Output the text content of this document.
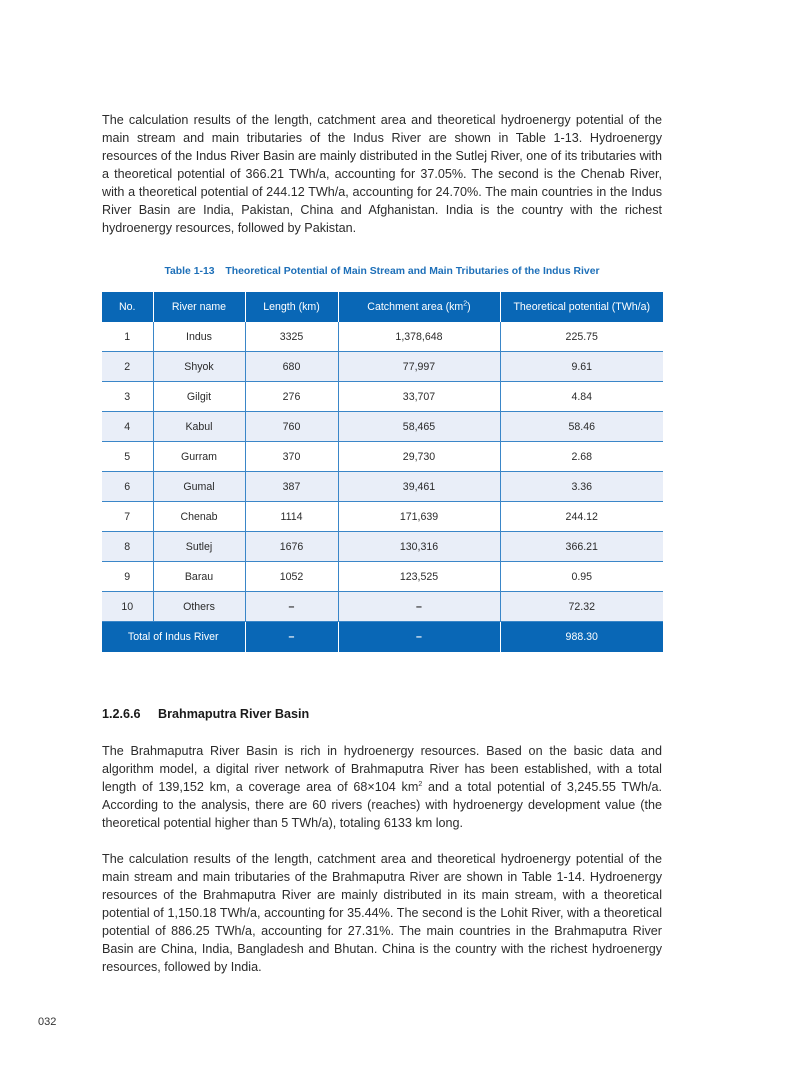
The calculation results of the length, catchment area and theoretical hydroenergy potential of the main stream and main tributaries of the Indus River are shown in Table 1-13. Hydroenergy resources of the Indus River Basin are mainly distributed in the Sutlej River, one of its tributaries with a theoretical potential of 366.21 TWh/a, accounting for 37.05%. The second is the Chenab River, with a theoretical potential of 244.12 TWh/a, accounting for 24.70%. The main countries in the Indus River Basin are India, Pakistan, China and Afghanistan. India is the country with the richest hydroenergy resources, followed by Pakistan.

Table 1-13 Theoretical Potential of Main Stream and Main Tributaries of the Indus River

No.	River name	Length (km)	Catchment area $(km^2)$	Theoretical potential (TWh/a)
1	Indus	3325	1,378,648	225.75
2	Shyok	680	77,997	9.61
3	Gilgit	276	33,707	4.84
4	Kabul	760	58,465	58.46
5	Gurram	370	29,730	2.68
6	Gumal	387	39,461	3.36
7	Chenab	1114	171,639	244.12
8	Sutlej	1676	130,316	366.21
9	Barau	1052	123,525	0.95
10	Others	–	–	72.32
Total of Indus River		–	–	988.30
1.2.6.6 Brahmaputra River Basin

The Brahmaputra River Basin is rich in hydroenergy resources. Based on the basic data and algorithm model, a digital river network of Brahmaputra River has been established, with a total length of 139,152 km, a coverage area of 68×104 $km^2$ and a total potential of 3,245.55 TWh/a. According to the analysis, there are 60 rivers (reaches) with hydroenergy development value (the theoretical potential higher than 5 TWh/a), totaling 6133 km long.

The calculation results of the length, catchment area and theoretical hydroenergy potential of the main stream and main tributaries of the Brahmaputra River are shown in Table 1-14. Hydroenergy resources of the Brahmaputra River are mainly distributed in its main stream, with a theoretical potential of 1,150.18 TWh/a, accounting for 35.44%. The second is the Lohit River, with a theoretical potential of 886.25 TWh/a, accounting for 27.31%. The main countries in the Brahmaputra River Basin are China, India, Bangladesh and Bhutan. China is the country with the richest hydroenergy resources, followed by India.

032
